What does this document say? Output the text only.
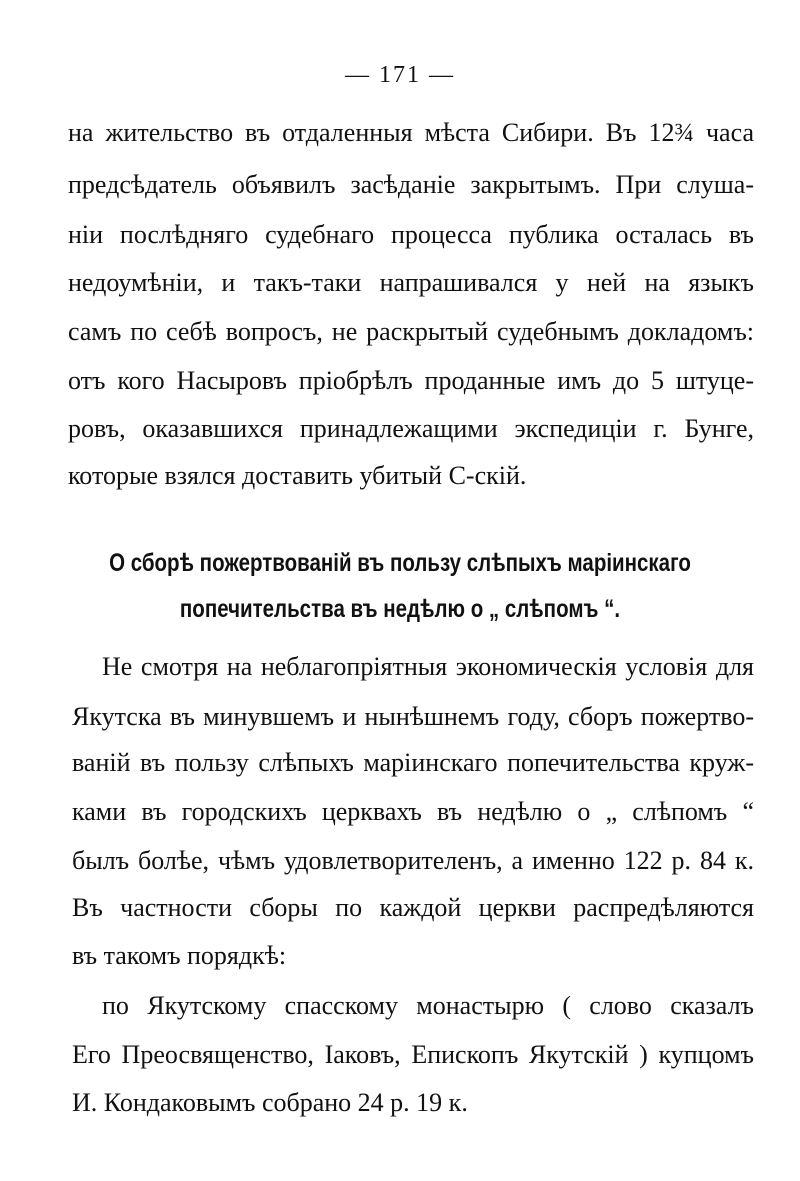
— 171 —
на жительство въ отдаленныя мѣста Сибири. Въ 12¾ часа
предсѣдатель объявилъ засѣданіе закрытымъ. При слуша-
ніи послѣдняго судебнаго процесса публика осталась въ
недоумѣніи, и такъ-таки напрашивался у ней на языкъ
самъ по себѣ вопросъ, не раскрытый судебнымъ докладомъ:
отъ кого Насыровъ пріобрѣлъ проданные имъ до 5 штуце-
ровъ, оказавшихся принадлежащими экспедиціи г. Бунге,
которые взялся доставить убитый С-скій.
О сборѣ пожертвованій въ пользу слѣпыхъ маріинскаго
попечительства въ недѣлю о „ слѣпомъ “.
Не смотря на неблагопріятныя экономическія условія для
Якутска въ минувшемъ и нынѣшнемъ году, сборъ пожертво-
ваній въ пользу слѣпыхъ маріинскаго попечительства круж-
ками въ городскихъ церквахъ въ недѣлю о „ слѣпомъ “
былъ болѣе, чѣмъ удовлетворителенъ, а именно 122 р. 84 к.
Въ частности сборы по каждой церкви распредѣляются
въ такомъ порядкѣ:
по Якутскому спасскому монастырю ( слово сказалъ
Его Преосвященство, Іаковъ, Епископъ Якутскій ) купцомъ
И. Кондаковымъ собрано 24 р. 19 к.
